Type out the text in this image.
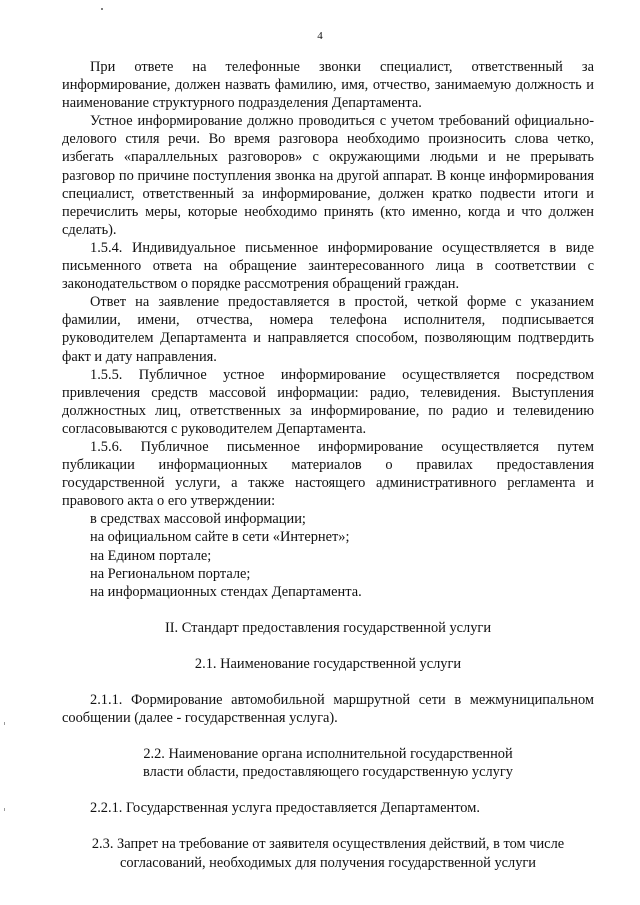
4

При ответе на телефонные звонки специалист, ответственный за информирование, должен назвать фамилию, имя, отчество, занимаемую должность и наименование структурного подразделения Департамента.

Устное информирование должно проводиться с учетом требований официально-делового стиля речи. Во время разговора необходимо произносить слова четко, избегать «параллельных разговоров» с окружающими людьми и не прерывать разговор по причине поступления звонка на другой аппарат. В конце информирования специалист, ответственный за информирование, должен кратко подвести итоги и перечислить меры, которые необходимо принять (кто именно, когда и что должен сделать).

1.5.4. Индивидуальное письменное информирование осуществляется в виде письменного ответа на обращение заинтересованного лица в соответствии с законодательством о порядке рассмотрения обращений граждан.

Ответ на заявление предоставляется в простой, четкой форме с указанием фамилии, имени, отчества, номера телефона исполнителя, подписывается руководителем Департамента и направляется способом, позволяющим подтвердить факт и дату направления.

1.5.5. Публичное устное информирование осуществляется посредством привлечения средств массовой информации: радио, телевидения. Выступления должностных лиц, ответственных за информирование, по радио и телевидению согласовываются с руководителем Департамента.

1.5.6. Публичное письменное информирование осуществляется путем публикации информационных материалов о правилах предоставления государственной услуги, а также настоящего административного регламента и правового акта о его утверждении:

в средствах массовой информации;

на официальном сайте в сети «Интернет»;

на Едином портале;

на Региональном портале;

на информационных стендах Департамента.

II. Стандарт предоставления государственной услуги

2.1. Наименование государственной услуги

2.1.1. Формирование автомобильной маршрутной сети в межмуниципальном сообщении (далее - государственная услуга).

2.2. Наименование органа исполнительной государственной

власти области, предоставляющего государственную услугу

2.2.1. Государственная услуга предоставляется Департаментом.

2.3. Запрет на требование от заявителя осуществления действий, в том числе

согласований, необходимых для получения государственной услуги
